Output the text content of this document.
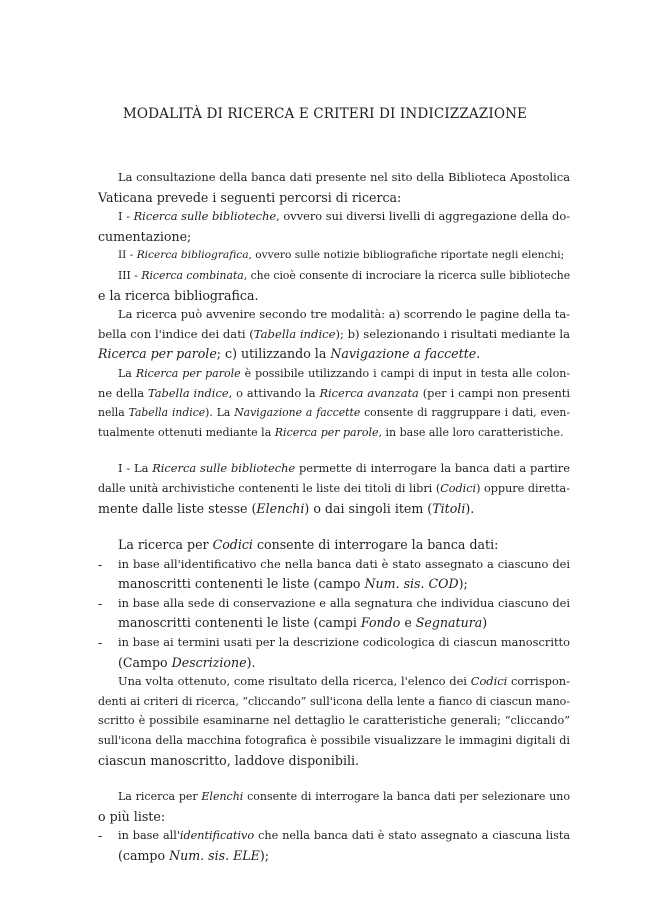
MODALITÀ DI RICERCA E CRITERI DI INDICIZZAZIONE
La consultazione della banca dati presente nel sito della Biblioteca Apostolica
Vaticana prevede i seguenti percorsi di ricerca:
I - Ricerca sulle biblioteche, ovvero sui diversi livelli di aggregazione della do-
cumentazione;
II - Ricerca bibliografica, ovvero sulle notizie bibliografiche riportate negli elenchi;
III - Ricerca combinata, che cioè consente di incrociare la ricerca sulle biblioteche
e la ricerca bibliografica.
La ricerca può avvenire secondo tre modalità: a) scorrendo le pagine della ta-
bella con l'indice dei dati (Tabella indice); b) selezionando i risultati mediante la
Ricerca per parole; c) utilizzando la Navigazione a faccette.
La Ricerca per parole è possibile utilizzando i campi di input in testa alle colon-
ne della Tabella indice, o attivando la Ricerca avanzata (per i campi non presenti
nella Tabella indice). La Navigazione a faccette consente di raggruppare i dati, even-
tualmente ottenuti mediante la Ricerca per parole, in base alle loro caratteristiche.
I - La Ricerca sulle biblioteche permette di interrogare la banca dati a partire
dalle unità archivistiche contenenti le liste dei titoli di libri (Codici) oppure diretta-
mente dalle liste stesse (Elenchi) o dai singoli item (Titoli).
La ricerca per Codici consente di interrogare la banca dati:
-	in base all'identificativo che nella banca dati è stato assegnato a ciascuno dei
manoscritti contenenti le liste (campo Num. sis. COD);
-	in base alla sede di conservazione e alla segnatura che individua ciascuno dei
manoscritti contenenti le liste (campi Fondo e Segnatura)
-	in base ai termini usati per la descrizione codicologica di ciascun manoscritto
(Campo Descrizione).
Una volta ottenuto, come risultato della ricerca, l'elenco dei Codici corrispon-
denti ai criteri di ricerca, “cliccando” sull'icona della lente a fianco di ciascun mano-
scritto è possibile esaminarne nel dettaglio le caratteristiche generali; “cliccando”
sull'icona della macchina fotografica è possibile visualizzare le immagini digitali di
ciascun manoscritto, laddove disponibili.
La ricerca per Elenchi consente di interrogare la banca dati per selezionare uno
o più liste:
-	in base all'identificativo che nella banca dati è stato assegnato a ciascuna lista
(campo Num. sis. ELE);
